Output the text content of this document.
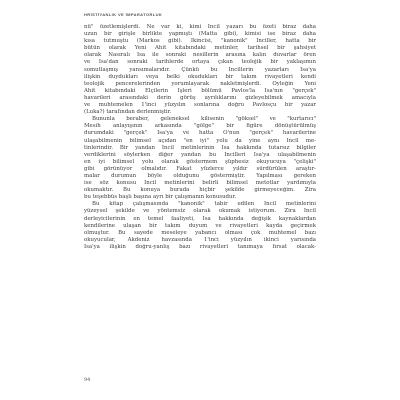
HRİSTİYANLIK VE İMPARATORLUK
nü" özetlemişlerdi. Ne var ki, kimi İncil yazarı bu özeti biraz daha
uzun bir girişle birlikte yapmıştı (Matta gibi), kimisi ise biraz daha
kısa tutmuştu (Markos gibi). İkincisi, "kanonik" İnciller, hatta bir
bütün olarak Yeni Ahit kitabındaki metinler, tarihsel bir şahsiyet
olarak Nasıralı İsa ile sonraki nesillerin arasına kalın duvarlar ören
ve İsa'dan sonraki tarihlerde ortaya çıkan teolojik bir yaklaşımın
somutlaşmış yansımalarıdır. Çünkü bu İncillerin yazarları İsa'ya
ilişkin duydukları veya belki okudukları bir takım rivayetleri kendi
teolojik pencerelerinden yorumlayarak nakletmişlerdi. Öyleğin Yeni
Ahit kitabındaki Elçilerin İşleri bölümü Pavlos'la İsa'nın "gerçek"
havarileri arasındaki derin görüş ayrılıklarını gizleyebilmek amacıyla
ve muhtemelen 1'inci yüzyılın sonlarına doğru Pavlosçu bir yazar
(Luka?) tarafından derlenmiştir.
Bununla beraber, geleneksel kilisenin "göksel" ve "kurtarıcı"
Mesih anlayışının arkasında "gölge" bir figüre dönüştürülmüş
durumdaki "gerçek" İsa'ya ve hatta O'nun "gerçek" havarilerine
ulaşabilmenin bilimsel açıdan "en iyi" yolu da yine aynı İncil me-
tinlerindir. Bir yandan İncil metinlerinin İsa hakkında tutarsız bilgiler
verdiklerini söylerken diğer yandan bu İncilleri İsa'ya ulaşabilmenin
en iyi bilimsel yolu olarak göstermem şüphesiz okuyucuya "çelişki"
gibi görünüyor olmalıdır. Fakat yüzlerce yıldır sürdürülen araştır-
malar durumun böyle olduğunu göstermiştir. Yapılması gereken
ise söz konusu İncil metinlerini belirli bilimsel metotlar yardımıyla
okumaktır. Bu konuya burada hiçbir şekilde girmeyeceğim. Zira
bu teşebbüs başlı başına ayrı bir çalışmanın konusudur.
Bu kitap çalışmasında "kanonik" tabir edilen İncil metinlerini
yüzeysel şekilde ve yöntemsiz olarak okumak istiyorum. Zira İncil
derleyicilerinin en temel faaliyeti, İsa hakkında değişik kaynaklardan
kendilerine ulaşan bir takım duyum ve rivayetleri kayda geçirmek
olmuştur. Bu sayede meseleye yabancı olması çok muhtemel bazı
okuyucular, Akdeniz havzasında 1'inci yüzyılın ikinci yarısında
İsa'ya ilişkin doğru-yanlış bazı rivayetleri tanımaya fırsat olacak-
94
